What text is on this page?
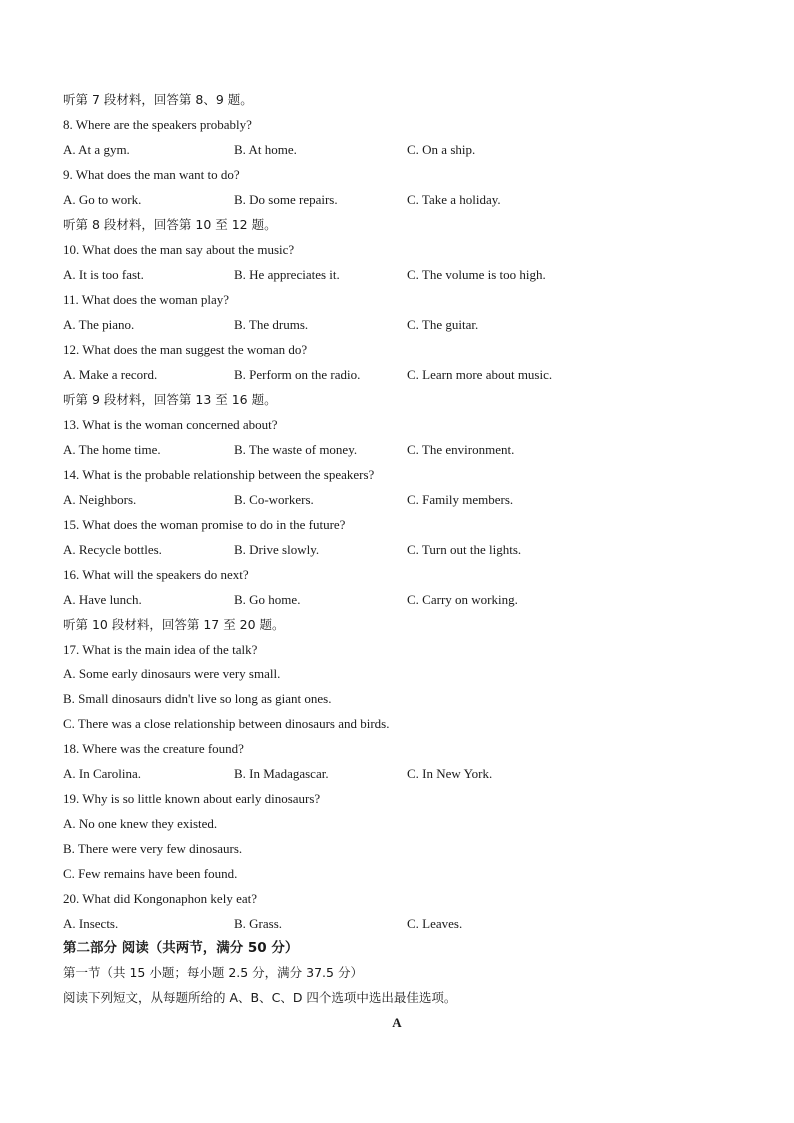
听第 7 段材料，回答第 8、9 题。
8. Where are the speakers probably?
A. At a gym.	B. At home.	C. On a ship.
9. What does the man want to do?
A. Go to work.	B. Do some repairs.	C. Take a holiday.
听第 8 段材料，回答第 10 至 12 题。
10. What does the man say about the music?
A. It is too fast.	B. He appreciates it.	C. The volume is too high.
11. What does the woman play?
A. The piano.	B. The drums.	C. The guitar.
12. What does the man suggest the woman do?
A. Make a record.	B. Perform on the radio.	C. Learn more about music.
听第 9 段材料，回答第 13 至 16 题。
13. What is the woman concerned about?
A. The home time.	B. The waste of money.	C. The environment.
14. What is the probable relationship between the speakers?
A. Neighbors.	B. Co-workers.	C. Family members.
15. What does the woman promise to do in the future?
A. Recycle bottles.	B. Drive slowly.	C. Turn out the lights.
16. What will the speakers do next?
A. Have lunch.	B. Go home.	C. Carry on working.
听第 10 段材料，回答第 17 至 20 题。
17. What is the main idea of the talk?
A. Some early dinosaurs were very small.
B. Small dinosaurs didn't live so long as giant ones.
C. There was a close relationship between dinosaurs and birds.
18. Where was the creature found?
A. In Carolina.	B. In Madagascar.	C. In New York.
19. Why is so little known about early dinosaurs?
A. No one knew they existed.
B. There were very few dinosaurs.
C. Few remains have been found.
20. What did Kongonaphon kely eat?
A. Insects.	B. Grass.	C. Leaves.
第二部分 阅读（共两节，满分 50 分）
第一节（共 15 小题；每小题 2.5 分，满分 37.5 分）
阅读下列短文，从每题所给的 A、B、C、D 四个选项中选出最佳选项。
A
